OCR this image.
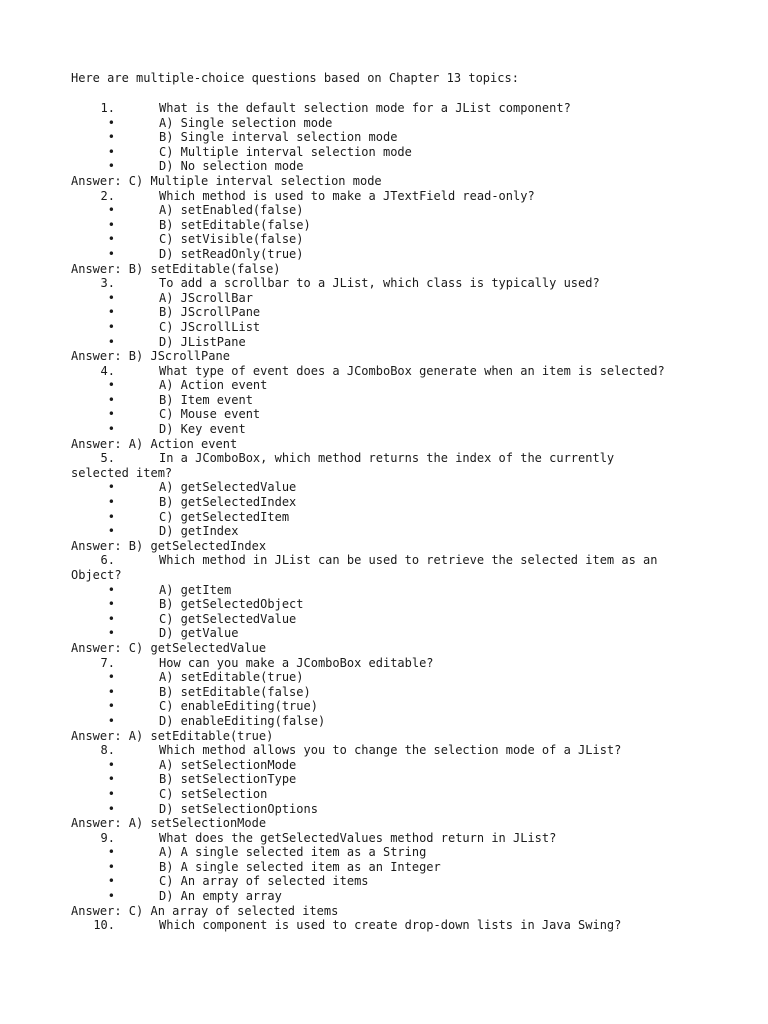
Here are multiple-choice questions based on Chapter 13 topics:
1.	What is the default selection mode for a JList component?
•	A) Single selection mode
•	B) Single interval selection mode
•	C) Multiple interval selection mode
•	D) No selection mode
Answer: C) Multiple interval selection mode
2.	Which method is used to make a JTextField read-only?
•	A) setEnabled(false)
•	B) setEditable(false)
•	C) setVisible(false)
•	D) setReadOnly(true)
Answer: B) setEditable(false)
3.	To add a scrollbar to a JList, which class is typically used?
•	A) JScrollBar
•	B) JScrollPane
•	C) JScrollList
•	D) JListPane
Answer: B) JScrollPane
4.	What type of event does a JComboBox generate when an item is selected?
•	A) Action event
•	B) Item event
•	C) Mouse event
•	D) Key event
Answer: A) Action event
5.	In a JComboBox, which method returns the index of the currently
selected item?
•	A) getSelectedValue
•	B) getSelectedIndex
•	C) getSelectedItem
•	D) getIndex
Answer: B) getSelectedIndex
6.	Which method in JList can be used to retrieve the selected item as an
Object?
•	A) getItem
•	B) getSelectedObject
•	C) getSelectedValue
•	D) getValue
Answer: C) getSelectedValue
7.	How can you make a JComboBox editable?
•	A) setEditable(true)
•	B) setEditable(false)
•	C) enableEditing(true)
•	D) enableEditing(false)
Answer: A) setEditable(true)
8.	Which method allows you to change the selection mode of a JList?
•	A) setSelectionMode
•	B) setSelectionType
•	C) setSelection
•	D) setSelectionOptions
Answer: A) setSelectionMode
9.	What does the getSelectedValues method return in JList?
•	A) A single selected item as a String
•	B) A single selected item as an Integer
•	C) An array of selected items
•	D) An empty array
Answer: C) An array of selected items
10.	Which component is used to create drop-down lists in Java Swing?
